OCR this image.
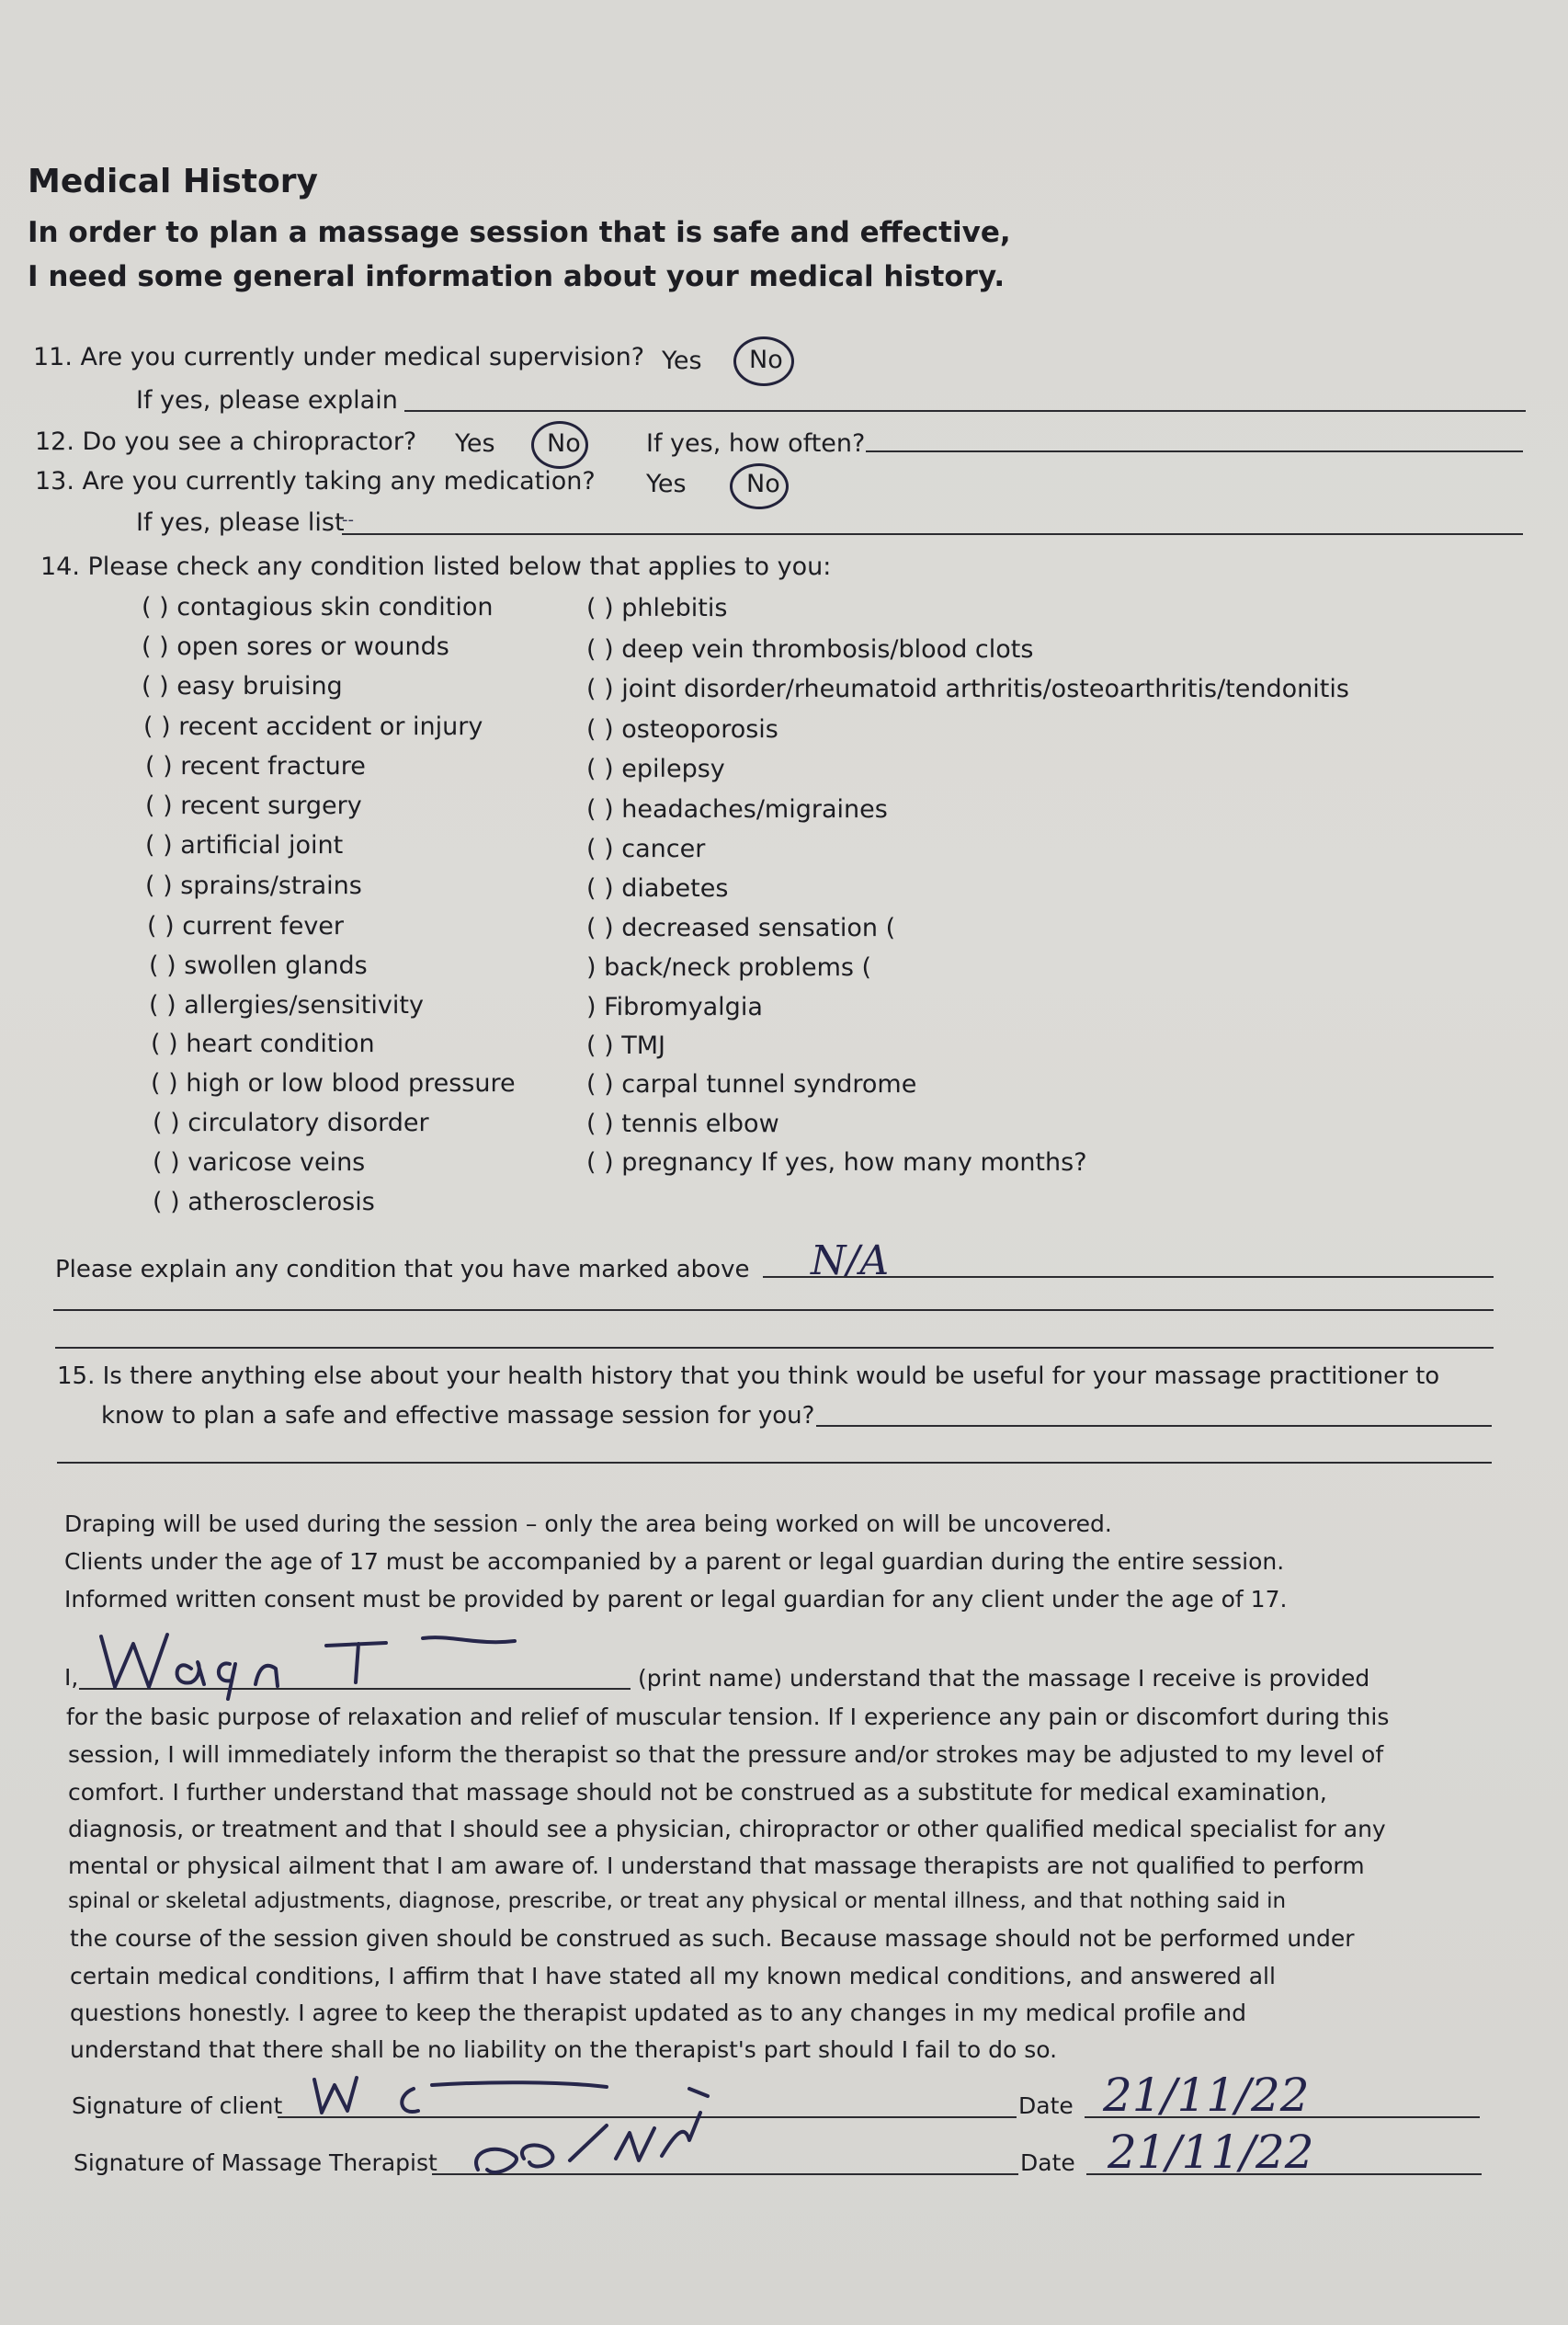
Medical History
In order to plan a massage session that is safe and effective,
I need some general information about your medical history.
11. Are you currently under medical supervision? Yes No
If yes, please explain
12. Do you see a chiropractor? Yes No	If yes, how often?
13. Are you currently taking any medication? Yes No
If yes, please list
--
14. Please check any condition listed below that applies to you:
( ) contagious skin condition
( ) open sores or wounds
( ) easy bruising
( ) recent accident or injury
( ) recent fracture
( ) recent surgery
( ) artificial joint
( ) sprains/strains
( ) current fever
( ) swollen glands
( ) allergies/sensitivity
( ) heart condition
( ) high or low blood pressure
( ) circulatory disorder
( ) varicose veins
( ) atherosclerosis
( ) phlebitis
( ) deep vein thrombosis/blood clots
( ) joint disorder/rheumatoid arthritis/osteoarthritis/tendonitis
( ) osteoporosis
( ) epilepsy
( ) headaches/migraines
( ) cancer
( ) diabetes
( ) decreased sensation (
) back/neck problems (
) Fibromyalgia
( ) TMJ
( ) carpal tunnel syndrome
( ) tennis elbow
( ) pregnancy If yes, how many months?
Please explain any condition that you have marked above N/A
15. Is there anything else about your health history that you think would be useful for your massage practitioner to
know to plan a safe and effective massage session for you?
Draping will be used during the session – only the area being worked on will be uncovered.
Clients under the age of 17 must be accompanied by a parent or legal guardian during the entire session.
Informed written consent must be provided by parent or legal guardian for any client under the age of 17.
I,	(print name) understand that the massage I receive is provided
for the basic purpose of relaxation and relief of muscular tension. If I experience any pain or discomfort during this
session, I will immediately inform the therapist so that the pressure and/or strokes may be adjusted to my level of
comfort. I further understand that massage should not be construed as a substitute for medical examination,
diagnosis, or treatment and that I should see a physician, chiropractor or other qualified medical specialist for any
mental or physical ailment that I am aware of. I understand that massage therapists are not qualified to perform
spinal or skeletal adjustments, diagnose, prescribe, or treat any physical or mental illness, and that nothing said in
the course of the session given should be construed as such. Because massage should not be performed under
certain medical conditions, I affirm that I have stated all my known medical conditions, and answered all
questions honestly. I agree to keep the therapist updated as to any changes in my medical profile and
understand that there shall be no liability on the therapist's part should I fail to do so.
Signature of client	Date 21/11/22
Signature of Massage Therapist	Date 21/11/22
